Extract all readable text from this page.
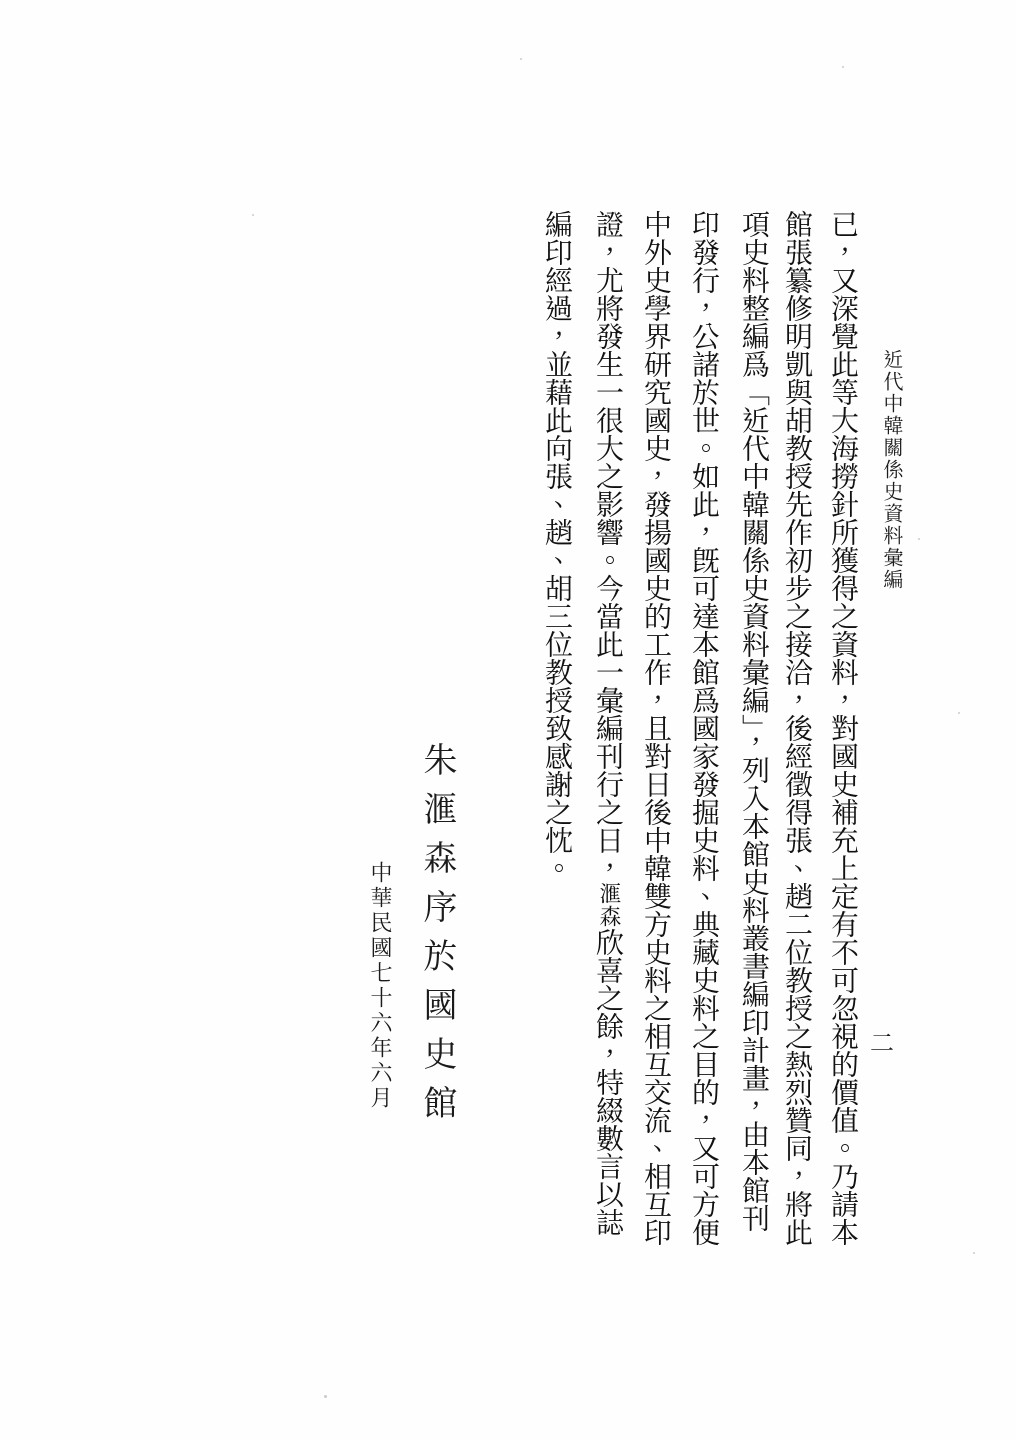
近代中韓關係史資料彙編
二
已，又深覺此等大海撈針所獲得之資料，對國史補充上定有不可忽視的價值。乃請本
館張纂修明凱與胡教授先作初步之接洽，後經徵得張、趙二位教授之熱烈贊同，將此
項史料整編爲「近代中韓關係史資料彙編」，列入本館史料叢書編印計畫，由本館刊
印發行，公諸於世。如此，旣可達本館爲國家發掘史料、典藏史料之目的，又可方便
中外史學界研究國史，發揚國史的工作，且對日後中韓雙方史料之相互交流、相互印
證，尤將發生一很大之影響。今當此一彙編刊行之日，滙森欣喜之餘，特綴數言以誌
編印經過，並藉此向張、趙、胡三位教授致感謝之忱。
朱滙森序於國史館
中華民國七十六年六月
